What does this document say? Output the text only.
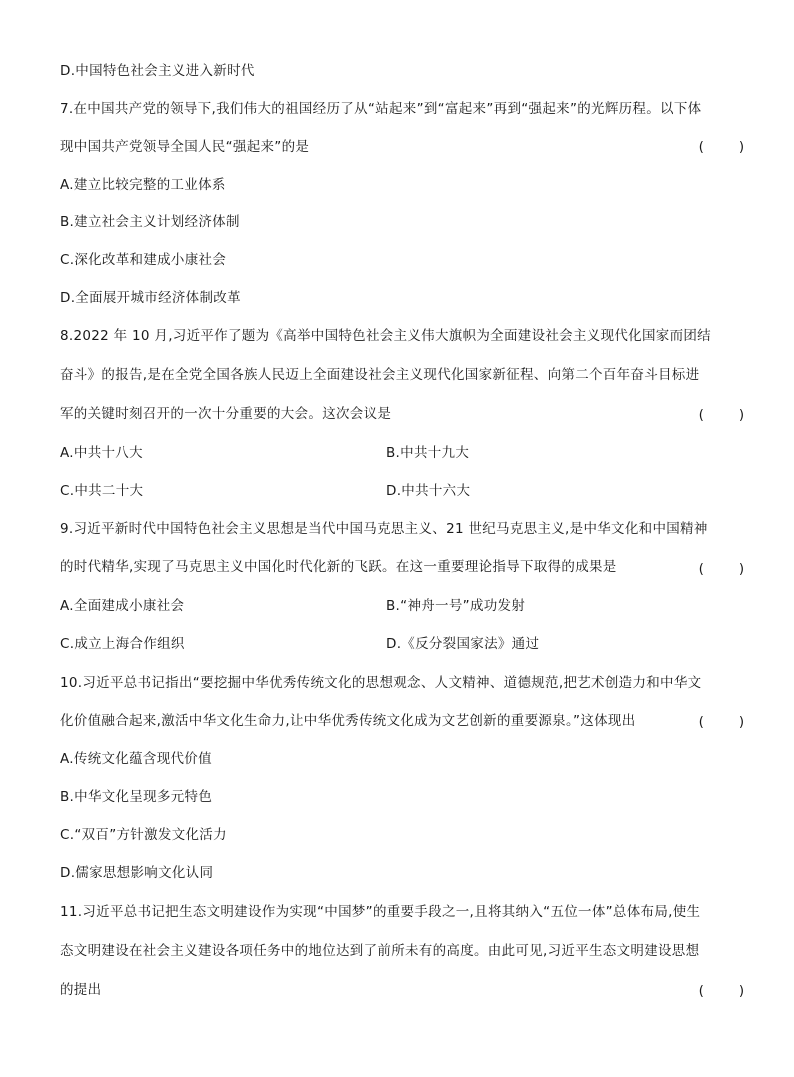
D.中国特色社会主义进入新时代
7.在中国共产党的领导下,我们伟大的祖国经历了从“站起来”到“富起来”再到“强起来”的光辉历程。以下体
现中国共产党领导全国人民“强起来”的是	(    )
A.建立比较完整的工业体系
B.建立社会主义计划经济体制
C.深化改革和建成小康社会
D.全面展开城市经济体制改革
8.2022 年 10 月,习近平作了题为《高举中国特色社会主义伟大旗帜为全面建设社会主义现代化国家而团结
奋斗》的报告,是在全党全国各族人民迈上全面建设社会主义现代化国家新征程、向第二个百年奋斗目标进
军的关键时刻召开的一次十分重要的大会。这次会议是	(    )
A.中共十八大	B.中共十九大
C.中共二十大	D.中共十六大
9.习近平新时代中国特色社会主义思想是当代中国马克思主义、21 世纪马克思主义,是中华文化和中国精神
的时代精华,实现了马克思主义中国化时代化新的飞跃。在这一重要理论指导下取得的成果是	(    )
A.全面建成小康社会	B.“神舟一号”成功发射
C.成立上海合作组织	D.《反分裂国家法》通过
10.习近平总书记指出“要挖掘中华优秀传统文化的思想观念、人文精神、道德规范,把艺术创造力和中华文
化价值融合起来,激活中华文化生命力,让中华优秀传统文化成为文艺创新的重要源泉。”这体现出	(    )
A.传统文化蕴含现代价值
B.中华文化呈现多元特色
C.“双百”方针激发文化活力
D.儒家思想影响文化认同
11.习近平总书记把生态文明建设作为实现“中国梦”的重要手段之一,且将其纳入“五位一体”总体布局,使生
态文明建设在社会主义建设各项任务中的地位达到了前所未有的高度。由此可见,习近平生态文明建设思想
的提出	(    )
